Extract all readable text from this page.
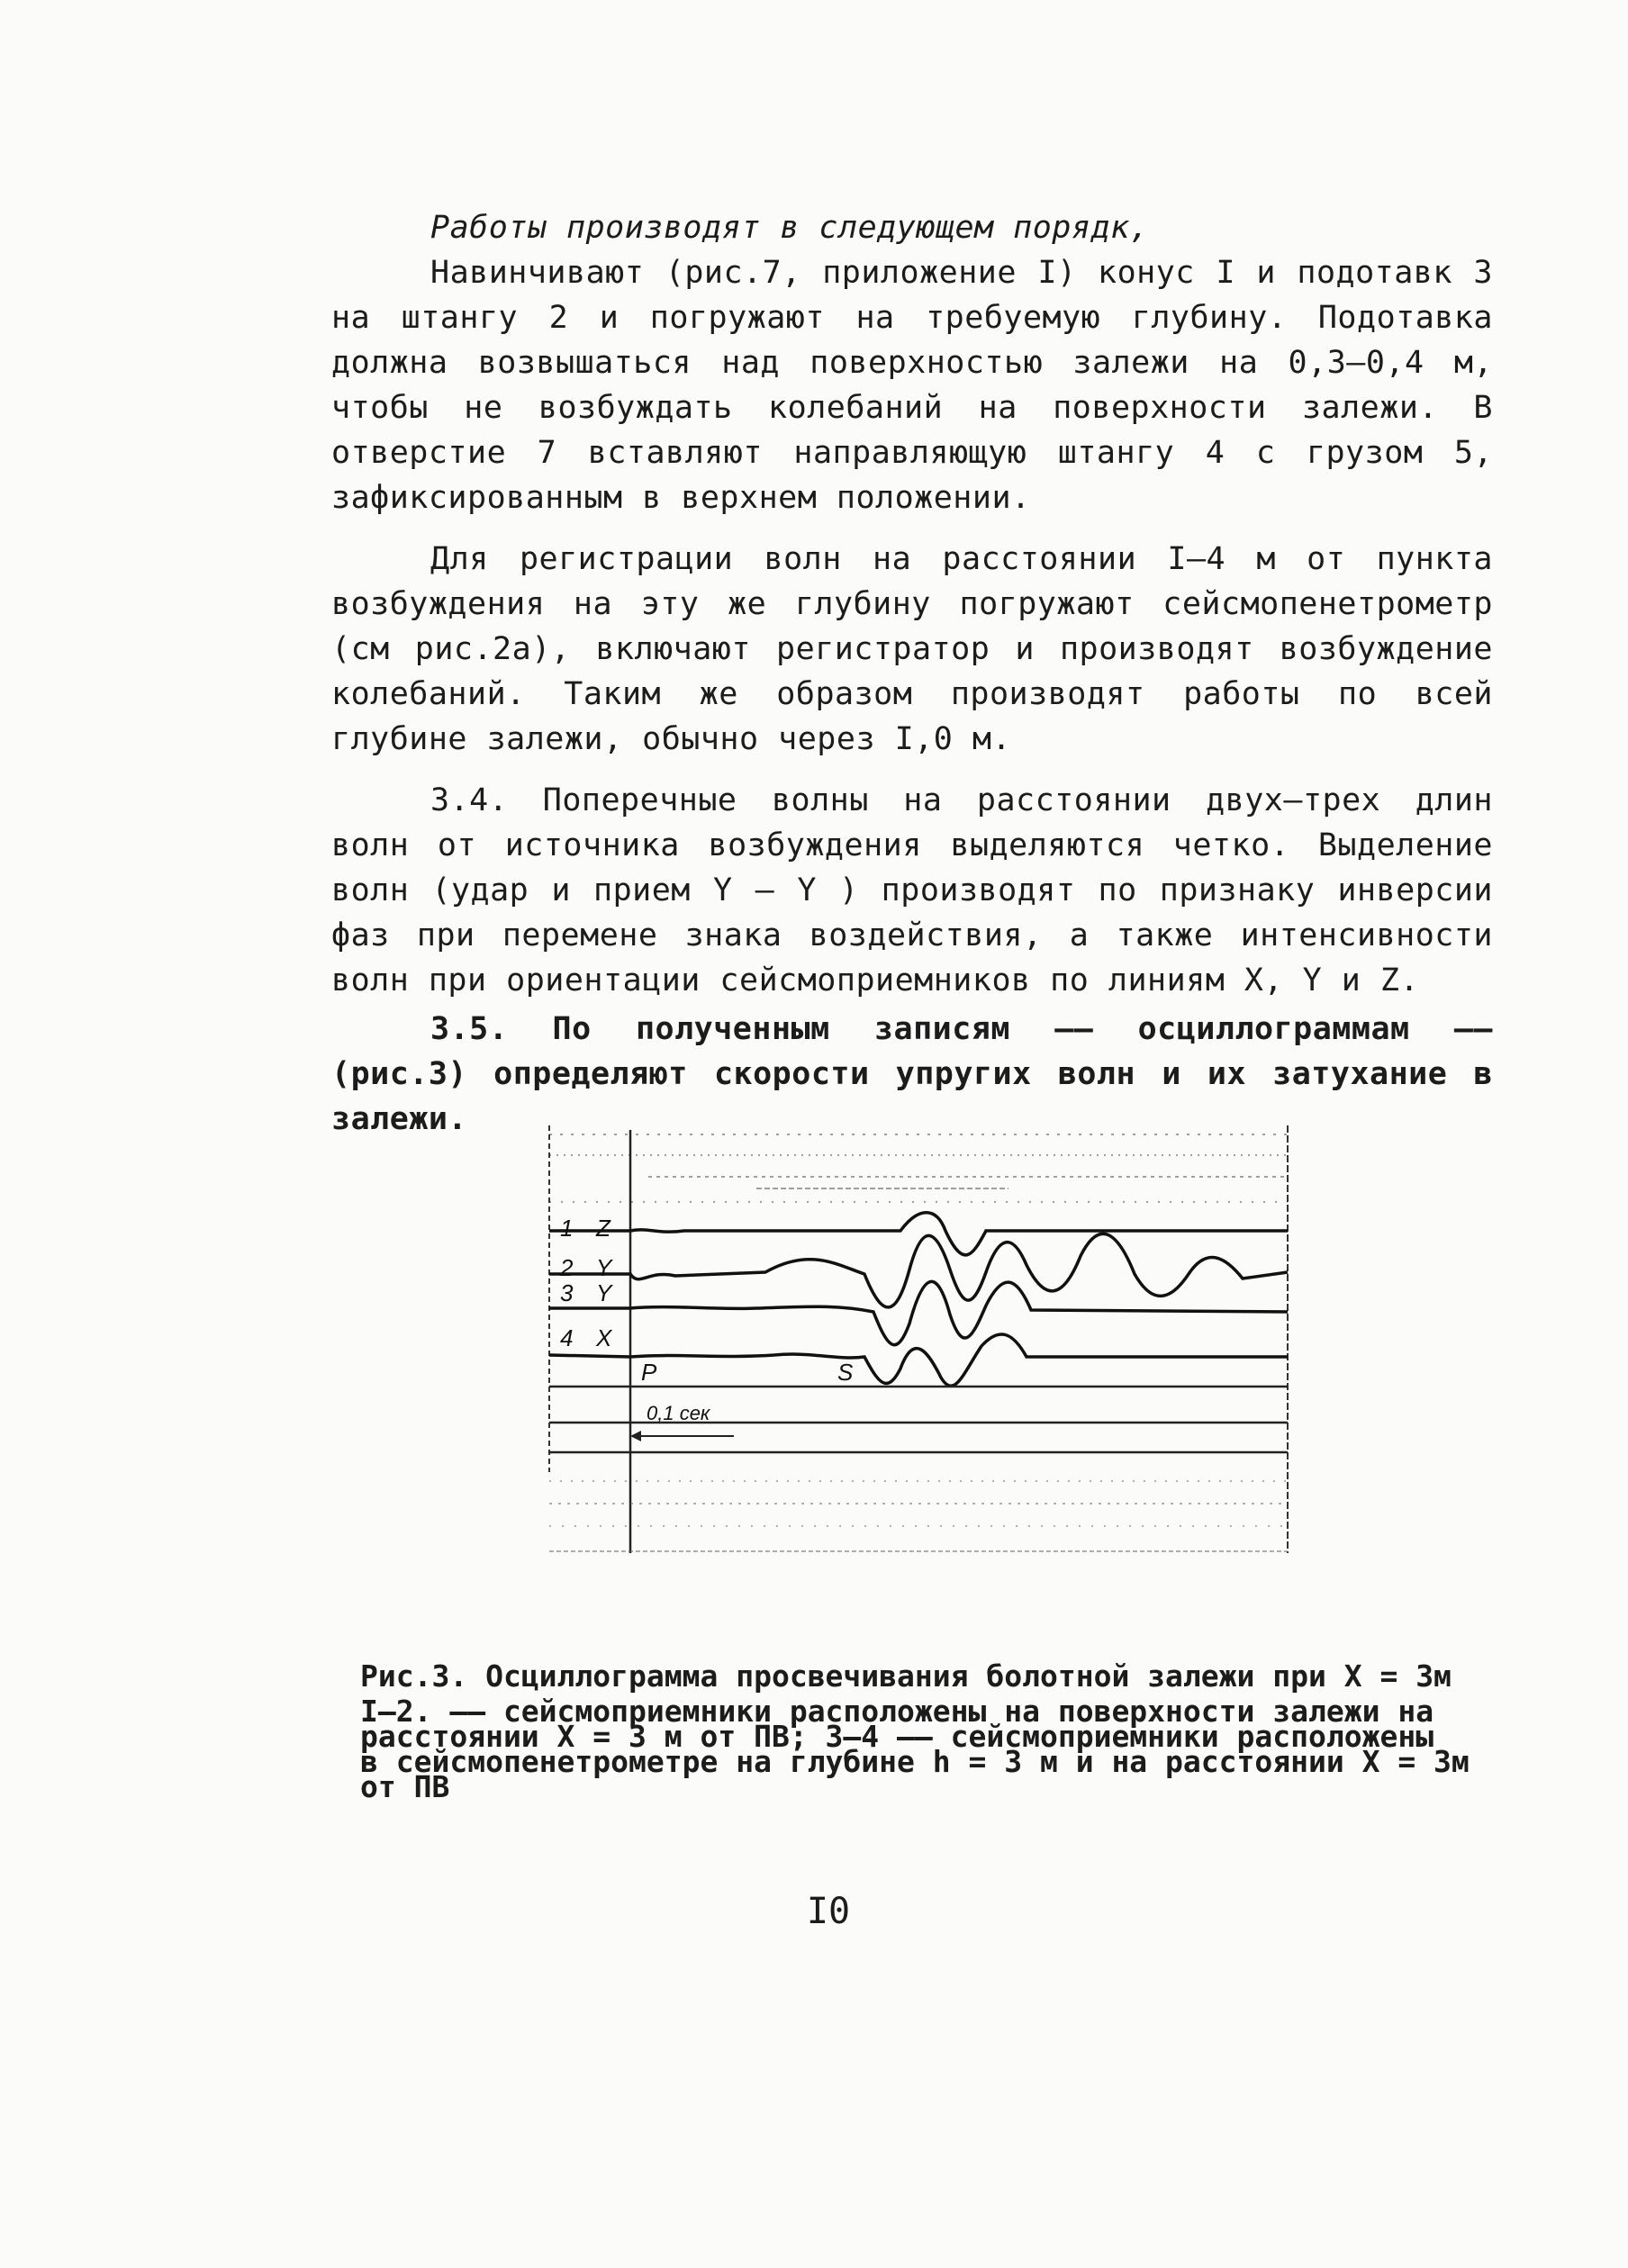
Работы производят в следующем порядк,

Навинчивают (рис.7, приложение I) конус I и подотавк 3 на штангу 2 и погружают на требуемую глубину. Подотавка должна возвышаться над поверхностью залежи на 0,3–0,4 м, чтобы не возбуждать колебаний на поверхности залежи. В отверстие 7 вставляют направляющую штангу 4 с грузом 5, зафиксированным в верхнем положении.

Для регистрации волн на расстоянии I–4 м от пункта возбуждения на эту же глубину погружают сейсмопенетрометр (см рис.2а), включают регистратор и производят возбуждение колебаний. Таким же образом производят работы по всей глубине залежи, обычно через I,0 м.

3.4. Поперечные волны на расстоянии двух–трех длин волн от источника возбуждения выделяются четко. Выделение волн (удар и прием Y – Y ) производят по признаку инверсии фаз при перемене знака воздействия, а также интенсивности волн при ориентации сейсмоприемников по линиям X, Y и Z.

3.5. По полученным записям –– осциллограммам –– (рис.3) определяют скорости упругих волн и их затухание в залежи.

1 Z
2 Y
3 Y
4 X
P	S
0,1 сек

Рис.3. Осциллограмма просвечивания болотной залежи при X = 3м

I–2. –– сейсмоприемники расположены на поверхности залежи на

расстоянии X = 3 м от ПВ; 3–4 –– сейсмоприемники расположены

в сейсмопенетрометре на глубине h = 3 м и на расстоянии X = 3м

от ПВ

I0
